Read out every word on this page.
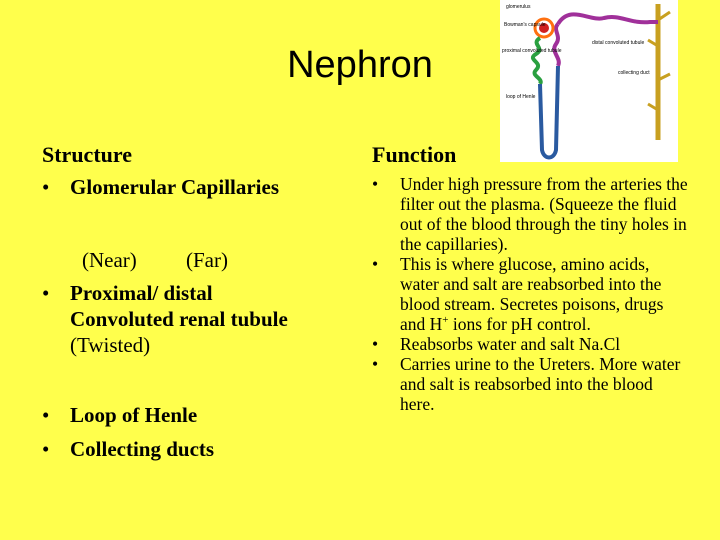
Nephron
Structure	Function
• Glomerular Capillaries
(Near) (Far)
• Proximal/ distal
Convoluted renal tubule
(Twisted)
• Loop of Henle
• Collecting ducts
• Under high pressure from the arteries the filter out the plasma. (Squeeze the fluid out of the blood through the tiny holes in the capillaries).
• This is where glucose, amino acids, water and salt are reabsorbed into the blood stream. Secretes poisons, drugs and H+ ions for pH control.
• Reabsorbs water and salt Na.Cl
• Carries urine to the Ureters. More water and salt is reabsorbed into the blood here.
glomerulus
Bowman's capsule
proximal convoluted tubule
distal convoluted tubule
collecting duct
loop of Henle
